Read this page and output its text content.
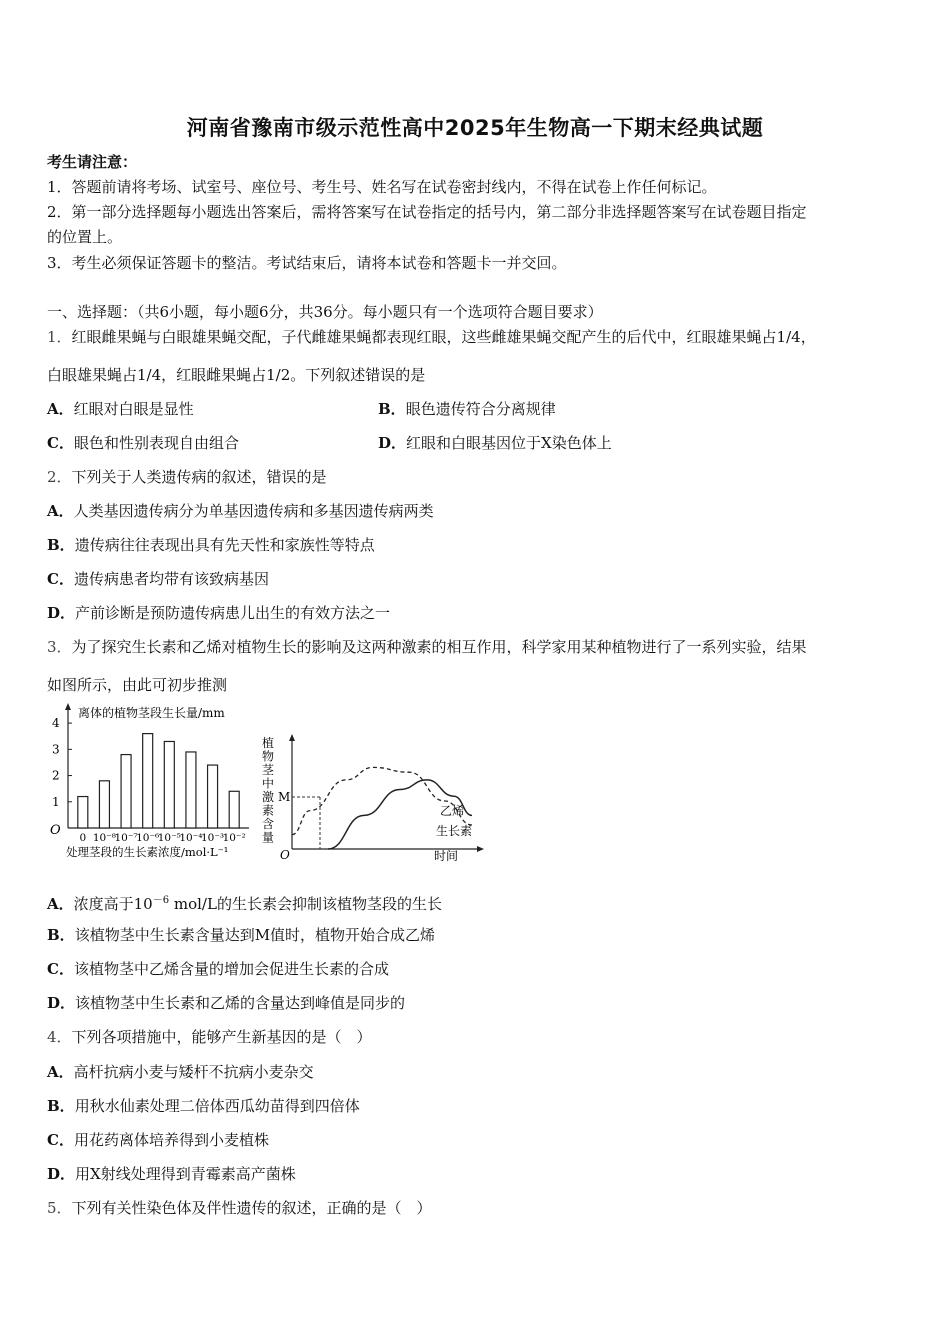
河南省豫南市级示范性高中2025年生物高一下期末经典试题
考生请注意：
1．答题前请将考场、试室号、座位号、考生号、姓名写在试卷密封线内，不得在试卷上作任何标记。
2．第一部分选择题每小题选出答案后，需将答案写在试卷指定的括号内，第二部分非选择题答案写在试卷题目指定
的位置上。
3．考生必须保证答题卡的整洁。考试结束后，请将本试卷和答题卡一并交回。
一、选择题：（共6小题，每小题6分，共36分。每小题只有一个选项符合题目要求）
1．红眼雌果蝇与白眼雄果蝇交配，子代雌雄果蝇都表现红眼，这些雌雄果蝇交配产生的后代中，红眼雄果蝇占1/4，
白眼雄果蝇占1/4，红眼雌果蝇占1/2。下列叙述错误的是
A．红眼对白眼是显性	B．眼色遗传符合分离规律
C．眼色和性别表现自由组合	D．红眼和白眼基因位于X染色体上
2．下列关于人类遗传病的叙述，错误的是
A．人类基因遗传病分为单基因遗传病和多基因遗传病两类
B．遗传病往往表现出具有先天性和家族性等特点
C．遗传病患者均带有该致病基因
D．产前诊断是预防遗传病患儿出生的有效方法之一
3．为了探究生长素和乙烯对植物生长的影响及这两种激素的相互作用，科学家用某种植物进行了一系列实验，结果
如图所示，由此可初步推测
离体的植物茎段生长量/mm
O
1
2
3
4
0 10⁻⁸
10⁻⁷
10⁻⁶
10⁻⁵
10⁻⁴
10⁻³
10⁻²
处理茎段的生长素浓度/mol·L⁻¹
植
物
茎
中
激
素
含
量
O
M
乙烯
生长素
时间
A．浓度高于$10^{-6}$ mol/L的生长素会抑制该植物茎段的生长
B．该植物茎中生长素含量达到M值时，植物开始合成乙烯
C．该植物茎中乙烯含量的增加会促进生长素的合成
D．该植物茎中生长素和乙烯的含量达到峰值是同步的
4．下列各项措施中，能够产生新基因的是（　）
A．高杆抗病小麦与矮杆不抗病小麦杂交
B．用秋水仙素处理二倍体西瓜幼苗得到四倍体
C．用花药离体培养得到小麦植株
D．用X射线处理得到青霉素高产菌株
5．下列有关性染色体及伴性遗传的叙述，正确的是（　）
